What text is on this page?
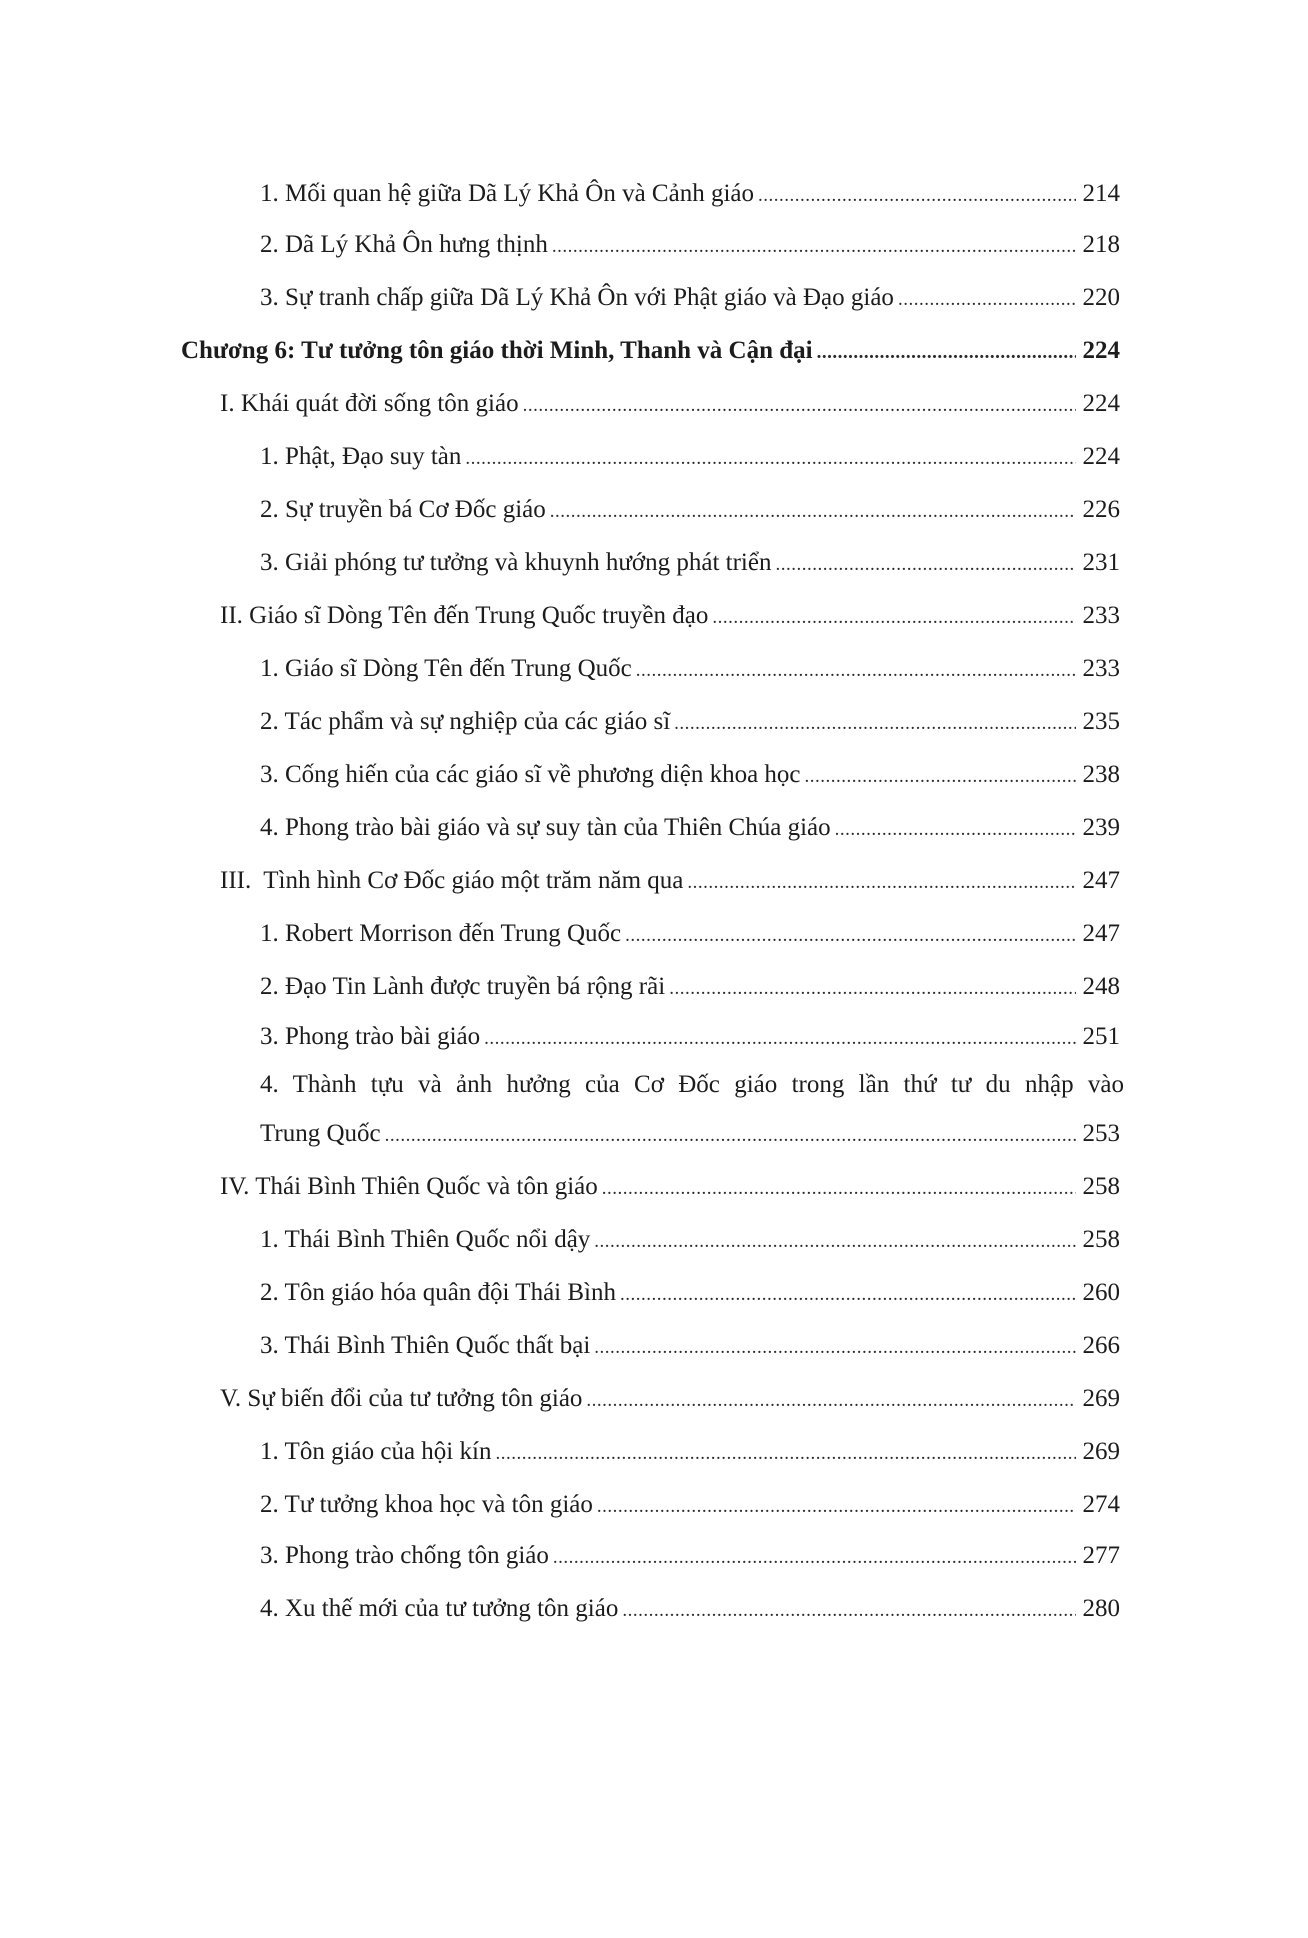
1. Mối quan hệ giữa Dã Lý Khả Ôn và Cảnh giáo .....	214
2. Dã Lý Khả Ôn hưng thịnh .....	218
3. Sự tranh chấp giữa Dã Lý Khả Ôn với Phật giáo và Đạo giáo .....	220
Chương 6: Tư tưởng tôn giáo thời Minh, Thanh và Cận đại .....	224
I. Khái quát đời sống tôn giáo .....	224
1. Phật, Đạo suy tàn .....	224
2. Sự truyền bá Cơ Đốc giáo .....	226
3. Giải phóng tư tưởng và khuynh hướng phát triển .....	231
II. Giáo sĩ Dòng Tên đến Trung Quốc truyền đạo .....	233
1. Giáo sĩ Dòng Tên đến Trung Quốc .....	233
2. Tác phẩm và sự nghiệp của các giáo sĩ .....	235
3. Cống hiến của các giáo sĩ về phương diện khoa học .....	238
4. Phong trào bài giáo và sự suy tàn của Thiên Chúa giáo .....	239
III.  Tình hình Cơ Đốc giáo một trăm năm qua .....	247
1. Robert Morrison đến Trung Quốc .....	247
2. Đạo Tin Lành được truyền bá rộng rãi .....	248
3. Phong trào bài giáo .....	251
4. Thành tựu và ảnh hưởng của Cơ Đốc giáo trong lần thứ tư du nhập vào
Trung Quốc .....	253
IV. Thái Bình Thiên Quốc và tôn giáo .....	258
1. Thái Bình Thiên Quốc nổi dậy .....	258
2. Tôn giáo hóa quân đội Thái Bình .....	260
3. Thái Bình Thiên Quốc thất bại .....	266
V. Sự biến đổi của tư tưởng tôn giáo .....	269
1. Tôn giáo của hội kín .....	269
2. Tư tưởng khoa học và tôn giáo .....	274
3. Phong trào chống tôn giáo .....	277
4. Xu thế mới của tư tưởng tôn giáo .....	280
